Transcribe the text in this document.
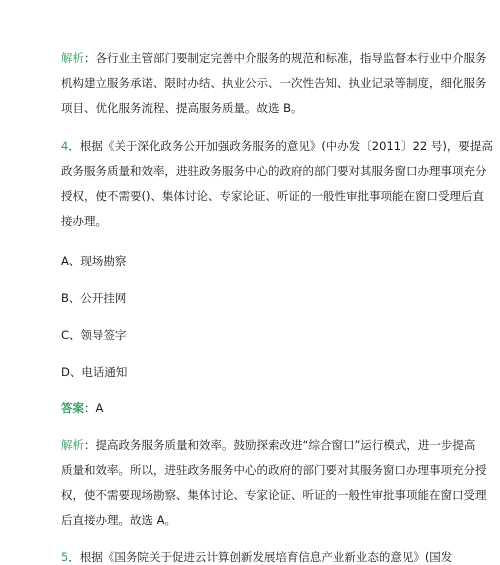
解析：各行业主管部门要制定完善中介服务的规范和标准，指导监督本行业中介服务
机构建立服务承诺、限时办结、执业公示、一次性告知、执业记录等制度，细化服务
项目、优化服务流程、提高服务质量。故选 B。
4．根据《关于深化政务公开加强政务服务的意见》(中办发〔2011〕22 号)，要提高
政务服务质量和效率，进驻政务服务中心的政府的部门要对其服务窗口办理事项充分
授权，使不需要()、集体讨论、专家论证、听证的一般性审批事项能在窗口受理后直
接办理。
A、现场勘察
B、公开挂网
C、领导签字
D、电话通知
答案：A
解析：提高政务服务质量和效率。鼓励探索改进“综合窗口”运行模式，进一步提高
质量和效率。所以，进驻政务服务中心的政府的部门要对其服务窗口办理事项充分授
权，使不需要现场勘察、集体讨论、专家论证、听证的一般性审批事项能在窗口受理
后直接办理。故选 A。
5．根据《国务院关于促进云计算创新发展培育信息产业新业态的意见》(国发
